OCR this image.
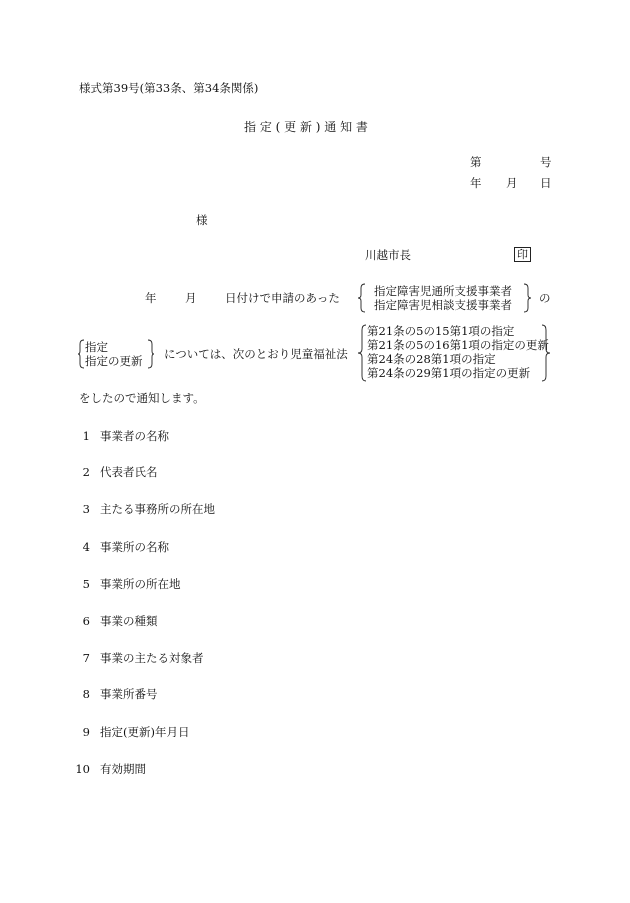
様式第39号(第33条、第34条関係)
指 定 ( 更 新 ) 通 知 書
第	号
年 月 日
様
川越市長	印
年 月 日付けで申請のあった	指定障害児通所支援事業者
指定障害児相談支援事業者 の
指定
指定の更新 については、次のとおり児童福祉法
第21条の5の15第1項の指定
第21条の5の16第1項の指定の更新
第24条の28第1項の指定
第24条の29第1項の指定の更新
をしたので通知します。
1 事業者の名称
2 代表者氏名
3 主たる事務所の所在地
4 事業所の名称
5 事業所の所在地
6 事業の種類
7 事業の主たる対象者
8 事業所番号
9 指定(更新)年月日
10 有効期間
